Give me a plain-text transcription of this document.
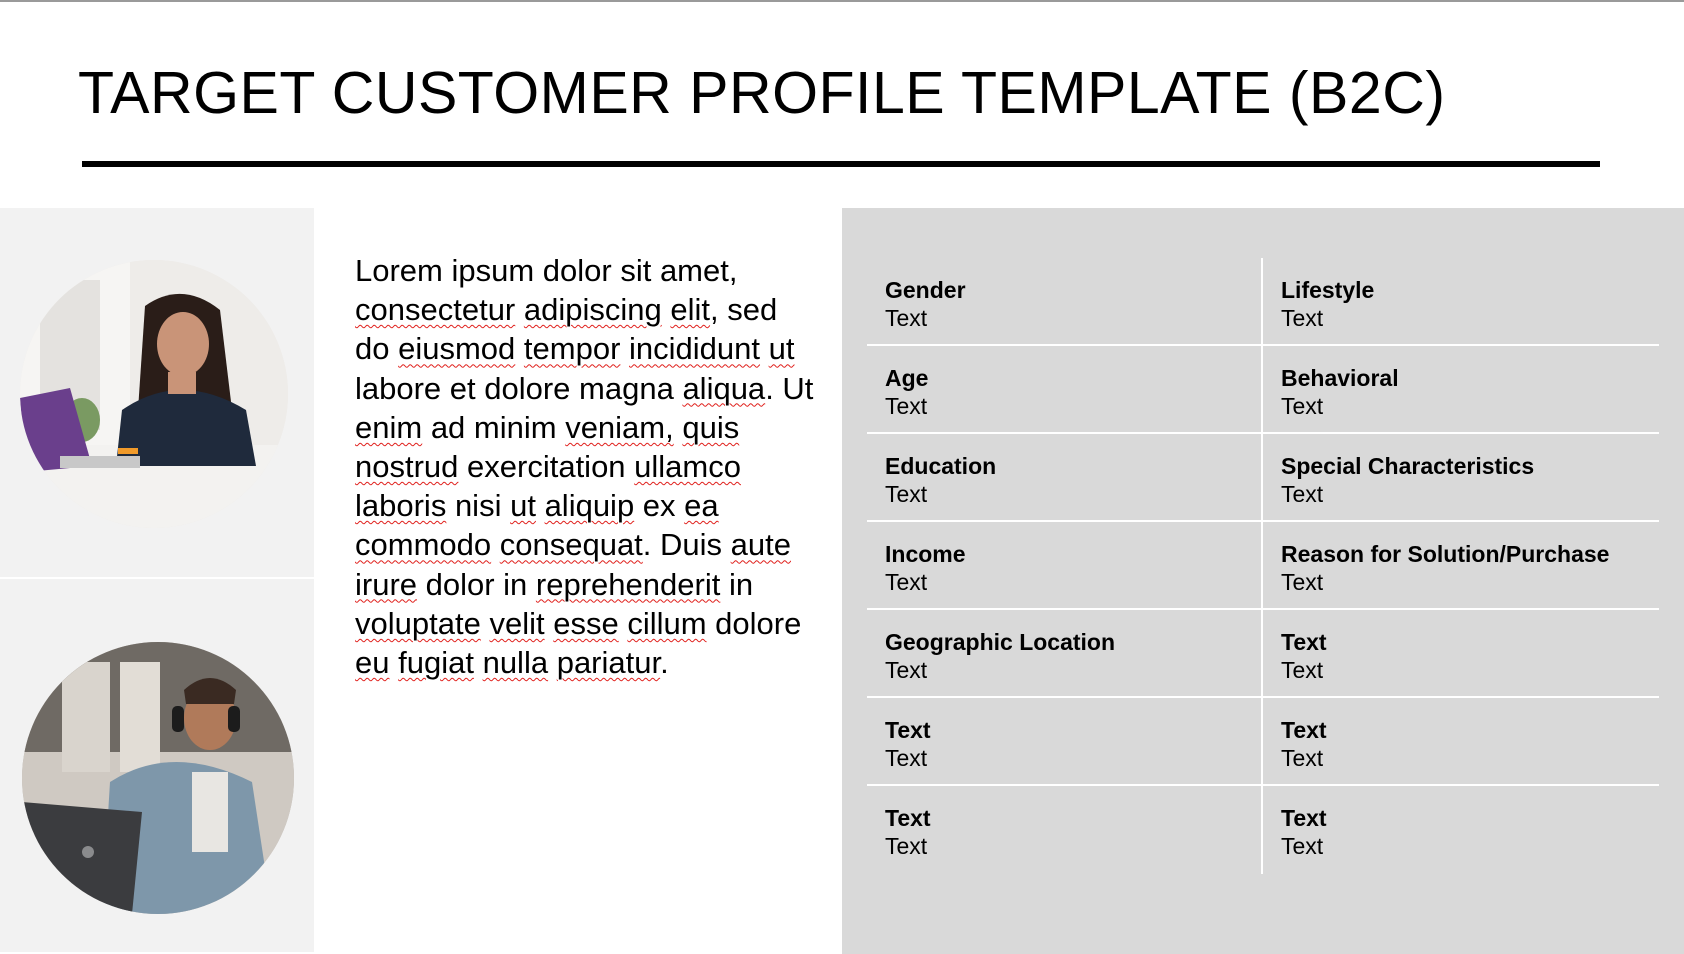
TARGET CUSTOMER PROFILE TEMPLATE (B2C)
Lorem ipsum dolor sit amet, consectetur adipiscing elit, sed do eiusmod tempor incididunt ut labore et dolore magna aliqua. Ut enim ad minim veniam, quis nostrud exercitation ullamco laboris nisi ut aliquip ex ea commodo consequat. Duis aute irure dolor in reprehenderit in voluptate velit esse cillum dolore eu fugiat nulla pariatur.
Gender
Text
Lifestyle
Text
Age
Text
Behavioral
Text
Education
Text
Special Characteristics
Text
Income
Text
Reason for Solution/Purchase
Text
Geographic Location
Text
Text
Text
Text
Text
Text
Text
Text
Text
Text
Text
